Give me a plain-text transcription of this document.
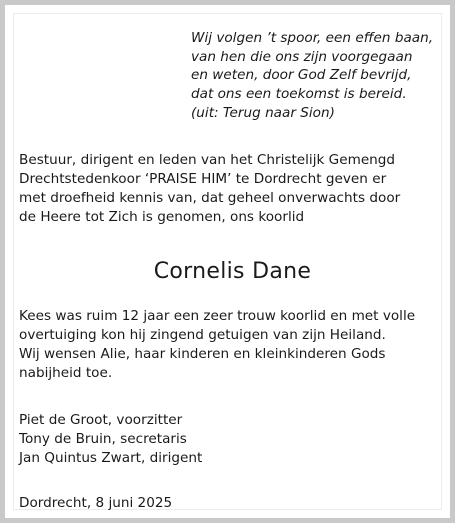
Wij volgen ’t spoor, een effen baan,
van hen die ons zijn voorgegaan
en weten, door God Zelf bevrijd,
dat ons een toekomst is bereid.
(uit: Terug naar Sion)
Bestuur, dirigent en leden van het Christelijk Gemengd
Drechtstedenkoor ‘PRAISE HIM’ te Dordrecht geven er
met droefheid kennis van, dat geheel onverwachts door
de Heere tot Zich is genomen, ons koorlid
Cornelis Dane
Kees was ruim 12 jaar een zeer trouw koorlid en met volle
overtuiging kon hij zingend getuigen van zijn Heiland.
Wij wensen Alie, haar kinderen en kleinkinderen Gods
nabijheid toe.
Piet de Groot, voorzitter
Tony de Bruin, secretaris
Jan Quintus Zwart, dirigent
Dordrecht, 8 juni 2025
